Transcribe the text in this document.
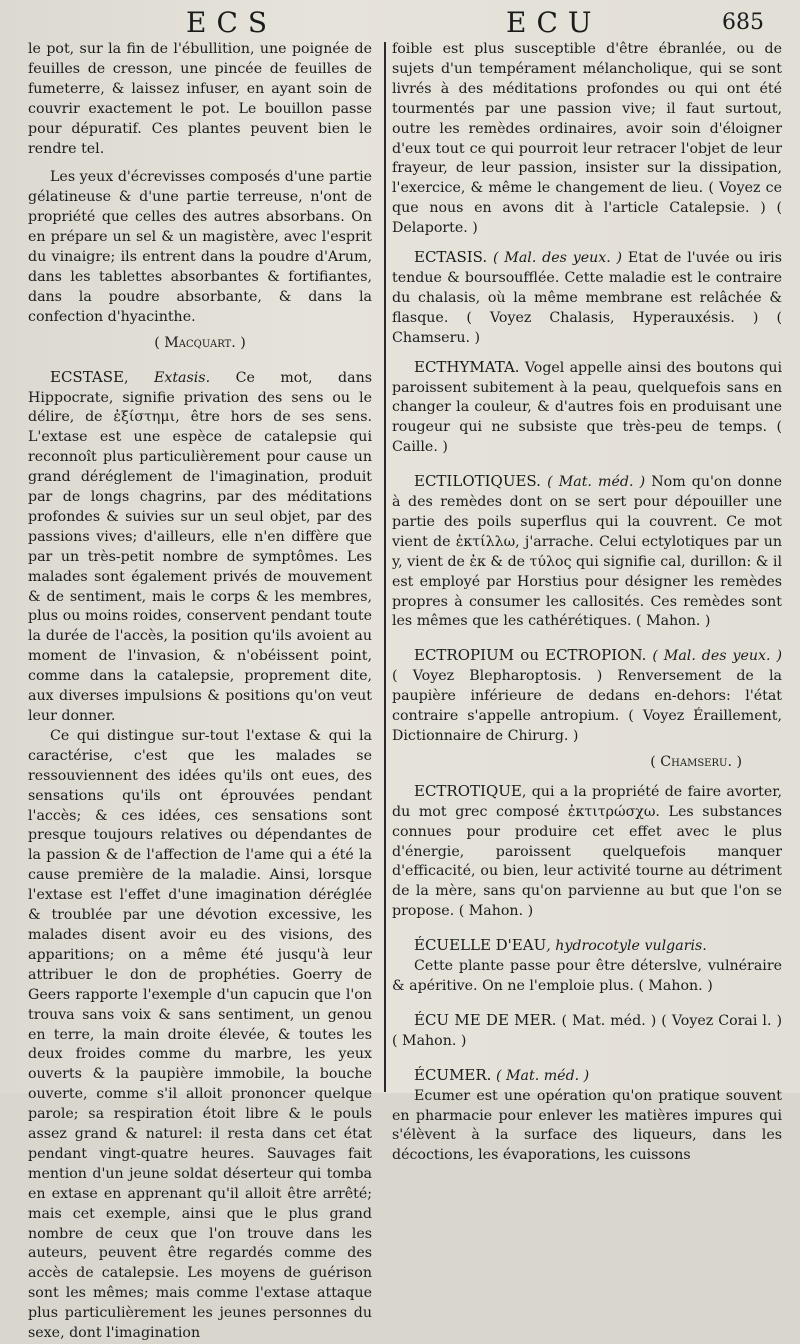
ECS	ECU	685

le pot, sur la fin de l'ébullition, une poignée de feuilles de cresson, une pincée de feuilles de fumeterre, & laissez infuser, en ayant soin de couvrir exactement le pot. Le bouillon passe pour dépuratif. Ces plantes peuvent bien le rendre tel.

Les yeux d'écrevisses composés d'une partie gélatineuse & d'une partie terreuse, n'ont de propriété que celles des autres absorbans. On en prépare un sel & un magistère, avec l'esprit du vinaigre; ils entrent dans la poudre d'Arum, dans les tablettes absorbantes & fortifiantes, dans la poudre absorbante, & dans la confection d'hyacinthe.

( Macquart. )

ECSTASE, Extasis. Ce mot, dans Hippocrate, signifie privation des sens ou le délire, de ἐξίστημι, être hors de ses sens. L'extase est une espèce de catalepsie qui reconnoît plus particulièrement pour cause un grand déréglement de l'imagination, produit par de longs chagrins, par des méditations profondes & suivies sur un seul objet, par des passions vives; d'ailleurs, elle n'en diffère que par un très-petit nombre de symptômes. Les malades sont également privés de mouvement & de sentiment, mais le corps & les membres, plus ou moins roides, conservent pendant toute la durée de l'accès, la position qu'ils avoient au moment de l'invasion, & n'obéissent point, comme dans la catalepsie, proprement dite, aux diverses impulsions & positions qu'on veut leur donner.

Ce qui distingue sur-tout l'extase & qui la caractérise, c'est que les malades se ressouviennent des idées qu'ils ont eues, des sensations qu'ils ont éprouvées pendant l'accès; & ces idées, ces sensations sont presque toujours relatives ou dépendantes de la passion & de l'affection de l'ame qui a été la cause première de la maladie. Ainsi, lorsque l'extase est l'effet d'une imagination déréglée & troublée par une dévotion excessive, les malades disent avoir eu des visions, des apparitions; on a même été jusqu'à leur attribuer le don de prophéties. Goerry de Geers rapporte l'exemple d'un capucin que l'on trouva sans voix & sans sentiment, un genou en terre, la main droite élevée, & toutes les deux froides comme du marbre, les yeux ouverts & la paupière immobile, la bouche ouverte, comme s'il alloit prononcer quelque parole; sa respiration étoit libre & le pouls assez grand & naturel: il resta dans cet état pendant vingt-quatre heures. Sauvages fait mention d'un jeune soldat déserteur qui tomba en extase en apprenant qu'il alloit être arrêté; mais cet exemple, ainsi que le plus grand nombre de ceux que l'on trouve dans les auteurs, peuvent être regardés comme des accès de catalepsie. Les moyens de guérison sont les mêmes; mais comme l'extase attaque plus particulièrement les jeunes personnes du sexe, dont l'imagination

foible est plus susceptible d'être ébranlée, ou de sujets d'un tempérament mélancholique, qui se sont livrés à des méditations profondes ou qui ont été tourmentés par une passion vive; il faut surtout, outre les remèdes ordinaires, avoir soin d'éloigner d'eux tout ce qui pourroit leur retracer l'objet de leur frayeur, de leur passion, insister sur la dissipation, l'exercice, & même le changement de lieu. ( Voyez ce que nous en avons dit à l'article Catalepsie. ) ( Delaporte. )

ECTASIS. ( Mal. des yeux. ) Etat de l'uvée ou iris tendue & boursoufflée. Cette maladie est le contraire du chalasis, où la même membrane est relâchée & flasque. ( Voyez Chalasis, Hyperauxésis. ) ( Chamseru. )

ECTHYMATA. Vogel appelle ainsi des boutons qui paroissent subitement à la peau, quelquefois sans en changer la couleur, & d'autres fois en produisant une rougeur qui ne subsiste que très-peu de temps. ( Caille. )

ECTILOTIQUES. ( Mat. méd. ) Nom qu'on donne à des remèdes dont on se sert pour dépouiller une partie des poils superflus qui la couvrent. Ce mot vient de ἐκτίλλω, j'arrache. Celui ectylotiques par un y, vient de ἐκ & de τύλος qui signifie cal, durillon: & il est employé par Horstius pour désigner les remèdes propres à consumer les callosités. Ces remèdes sont les mêmes que les cathérétiques. ( Mahon. )

ECTROPIUM ou ECTROPION. ( Mal. des yeux. ) ( Voyez Blepharoptosis. ) Renversement de la paupière inférieure de dedans en-dehors: l'état contraire s'appelle antropium. ( Voyez Éraillement, Dictionnaire de Chirurg. )

( Chamseru. )

ECTROTIQUE, qui a la propriété de faire avorter, du mot grec composé ἐκτιτρώσχω. Les substances connues pour produire cet effet avec le plus d'énergie, paroissent quelquefois manquer d'efficacité, ou bien, leur activité tourne au détriment de la mère, sans qu'on parvienne au but que l'on se propose. ( Mahon. )

ÉCUELLE D'EAU, hydrocotyle vulgaris.

Cette plante passe pour être déterslve, vulnéraire & apéritive. On ne l'emploie plus. ( Mahon. )

ÉCU ME DE MER. ( Mat. méd. ) ( Voyez Corai l. ) ( Mahon. )

ÉCUMER. ( Mat. méd. )

Ecumer est une opération qu'on pratique souvent en pharmacie pour enlever les matières impures qui s'élèvent à la surface des liqueurs, dans les décoctions, les évaporations, les cuissons
